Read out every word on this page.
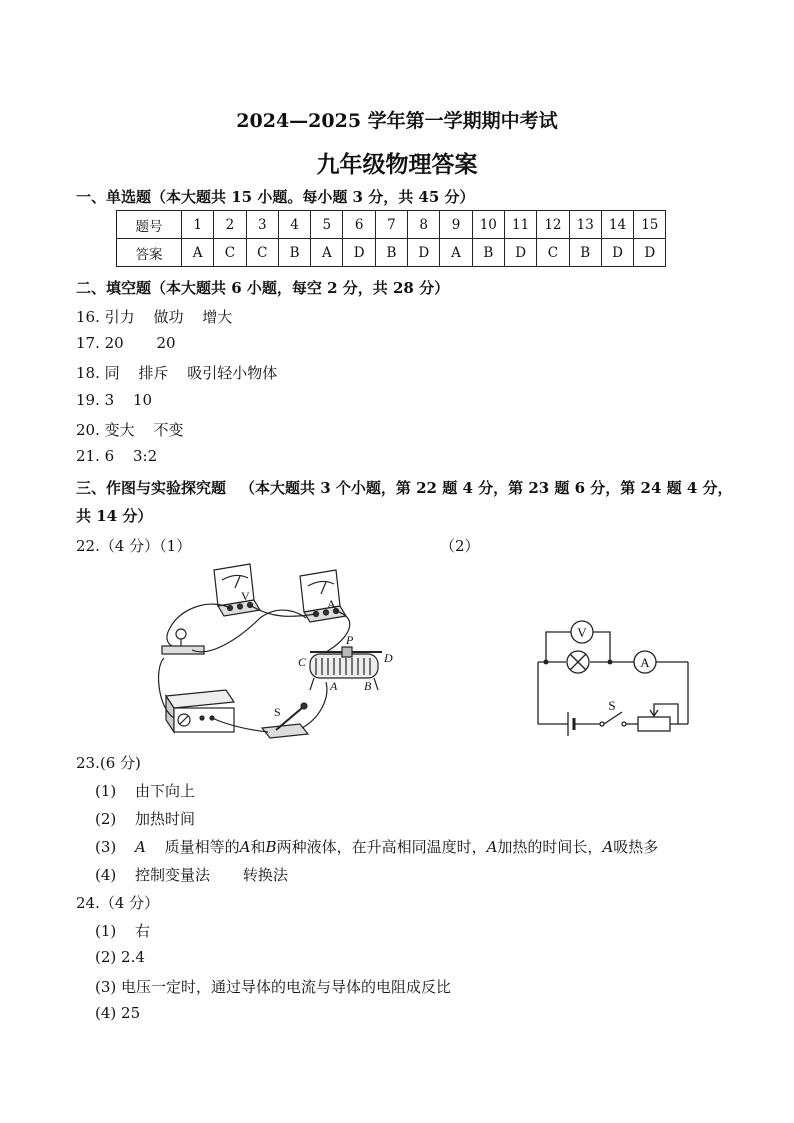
2024—2025 学年第一学期期中考试
九年级物理答案
一、单选题（本大题共 15 小题。每小题 3 分，共 45 分）
题号	1	2	3	4	5	6	7	8	9	10	11	12	13	14	15
答案	A	C	C	B	A	D	B	D	A	B	D	C	B	D	D
二、填空题（本大题共 6 小题，每空 2 分，共 28 分）
16. 引力 做功 增大
17. 20 20
18. 同 排斥 吸引轻小物体
19. 3 10
20. 变大 不变
21. 6 3:2
三、作图与实验探究题 （本大题共 3 个小题，第 22 题 4 分，第 23 题 6 分，第 24 题 4 分，
共 14 分）
22.（4 分）（1）	（2）
V
A
P
C	D
A B
S
V
A
S
23.(6 分)
(1) 由下向上
(2) 加热时间
(3) A 质量相等的A和B两种液体，在升高相同温度时，A加热的时间长，A吸热多
(4) 控制变量法 转换法
24.（4 分）
(1) 右
(2) 2.4
(3) 电压一定时，通过导体的电流与导体的电阻成反比
(4) 25
